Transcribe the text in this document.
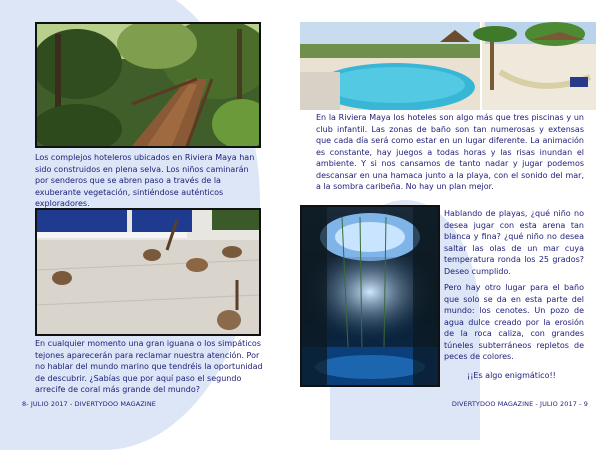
Los complejos hoteleros ubicados en Riviera Maya han sido construidos en plena selva. Los niños caminarán por senderos que se abren paso a través de la exuberante vegetación, sintiéndose auténticos exploradores.

En cualquier momento una gran iguana o los simpáticos tejones aparecerán para reclamar nuestra atención. Por no hablar del mundo marino que tendréis la oportunidad de descubrir. ¿Sabías que por aquí paso el segundo arrecife de coral más grande del mundo?

8- JULIO 2017 - DIVERTYDOO MAGAZINE

En la Riviera Maya los hoteles son algo más que tres piscinas y un club infantil. Las zonas de baño son tan numerosas y extensas que cada día será como estar en un lugar diferente. La animación es constante, hay juegos a todas horas y las risas inundan el ambiente. Y si nos cansamos de tanto nadar y jugar podemos descansar en una hamaca junto a la playa, con el sonido del mar, a la sombra caribeña. No hay un plan mejor.

Hablando de playas, ¿qué niño no desea jugar con esta arena tan blanca y fina? ¿qué niño no desea saltar las olas de un mar cuya temperatura ronda los 25 grados? Deseo cumplido.

Pero hay otro lugar para el baño que solo se da en esta parte del mundo: los cenotes. Un pozo de agua dulce creado por la erosión de la roca caliza, con grandes túneles subterráneos repletos de peces de colores.

¡¡Es algo enigmático!!

DIVERTYDOO MAGAZINE - JULIO 2017 - 9
